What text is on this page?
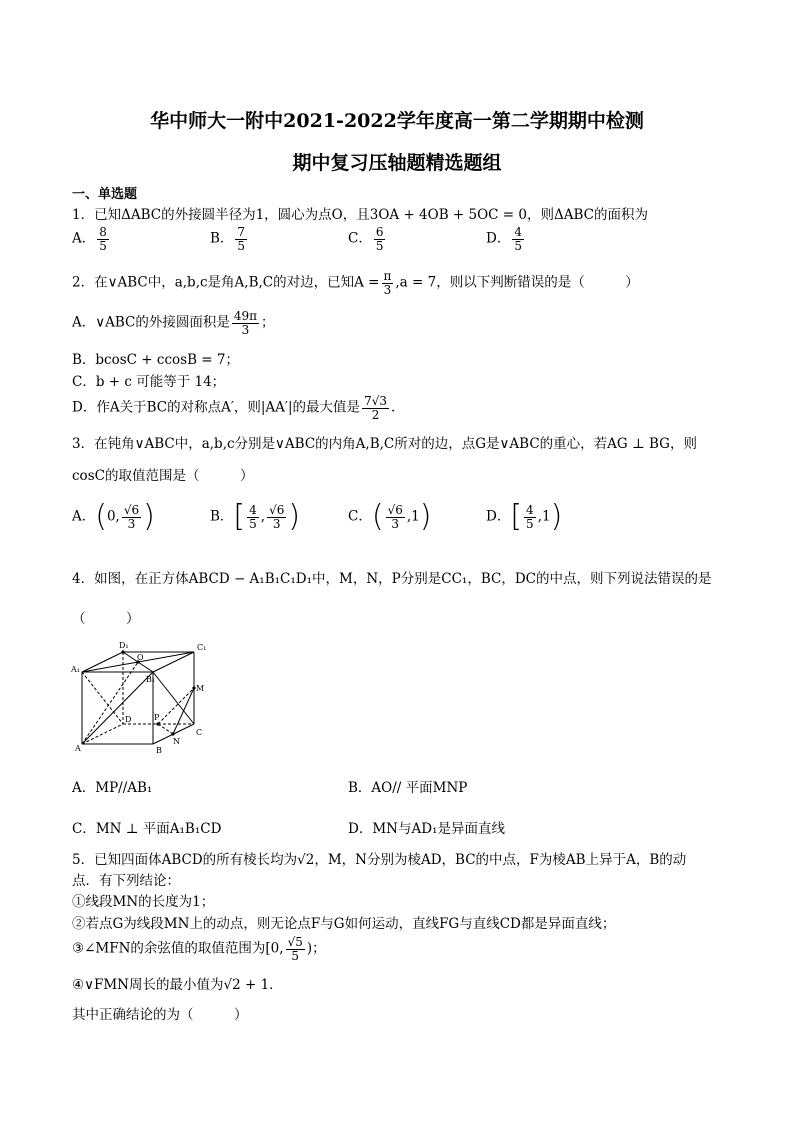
华中师大一附中2021-2022学年度高一第二学期期中检测
期中复习压轴题精选题组
一、单选题
1．已知ΔABC的外接圆半径为1，圆心为点O，且3OA + 4OB + 5OC = 0，则ΔABC的面积为
A． $\frac{8}{5}$	B． $\frac{7}{5}$	C． $\frac{6}{5}$	D． $\frac{4}{5}$
2．在∨ABC中，a,b,c是角A,B,C的对边，已知$A = \frac{\pi}{3} ,a = 7$，则以下判断错误的是（　　　）
A．∨ABC的外接圆面积是 $\frac{49\pi}{3}$ ；
B．bcosC + ccosB = 7；
C．b + c 可能等于 14；
D．作A关于BC的对称点A′，则|AA′|的最大值是 $\frac{7√3}{2}$ .
3．在钝角∨ABC中，a,b,c分别是∨ABC的内角A,B,C所对的边，点G是∨ABC的重心，若AG ⊥ BG，则
cosC的取值范围是（　　　）
A．(0, $\frac{√6}{3}$ )	B．[ $\frac{4}{5}$ , $\frac{√6}{3}$ )	C．( $\frac{√6}{3} ,1$)	D．[ $\frac{4}{5} ,1$)
4．如图，在正方体ABCD − A₁B₁C₁D₁中，M，N，P分别是CC₁，BC，DC的中点，则下列说法错误的是
（　　　）
D₁	C₁
A₁
B₁
O
M
D	P
C
A	B
N
A．MP//AB₁	B．AO// 平面MNP
C．MN ⊥ 平面A₁B₁CD	D．MN与AD₁是异面直线
5．已知四面体ABCD的所有棱长均为√2，M，N分别为棱AD，BC的中点，F为棱AB上异于A，B的动
点．有下列结论：
①线段MN的长度为1；
②若点G为线段MN上的动点，则无论点F与G如何运动，直线FG与直线CD都是异面直线；
③∠MFN的余弦值的取值范围为[0, $\frac{√5}{5}$ )；
④∨FMN周长的最小值为√2 + 1．
其中正确结论的为（　　　）
